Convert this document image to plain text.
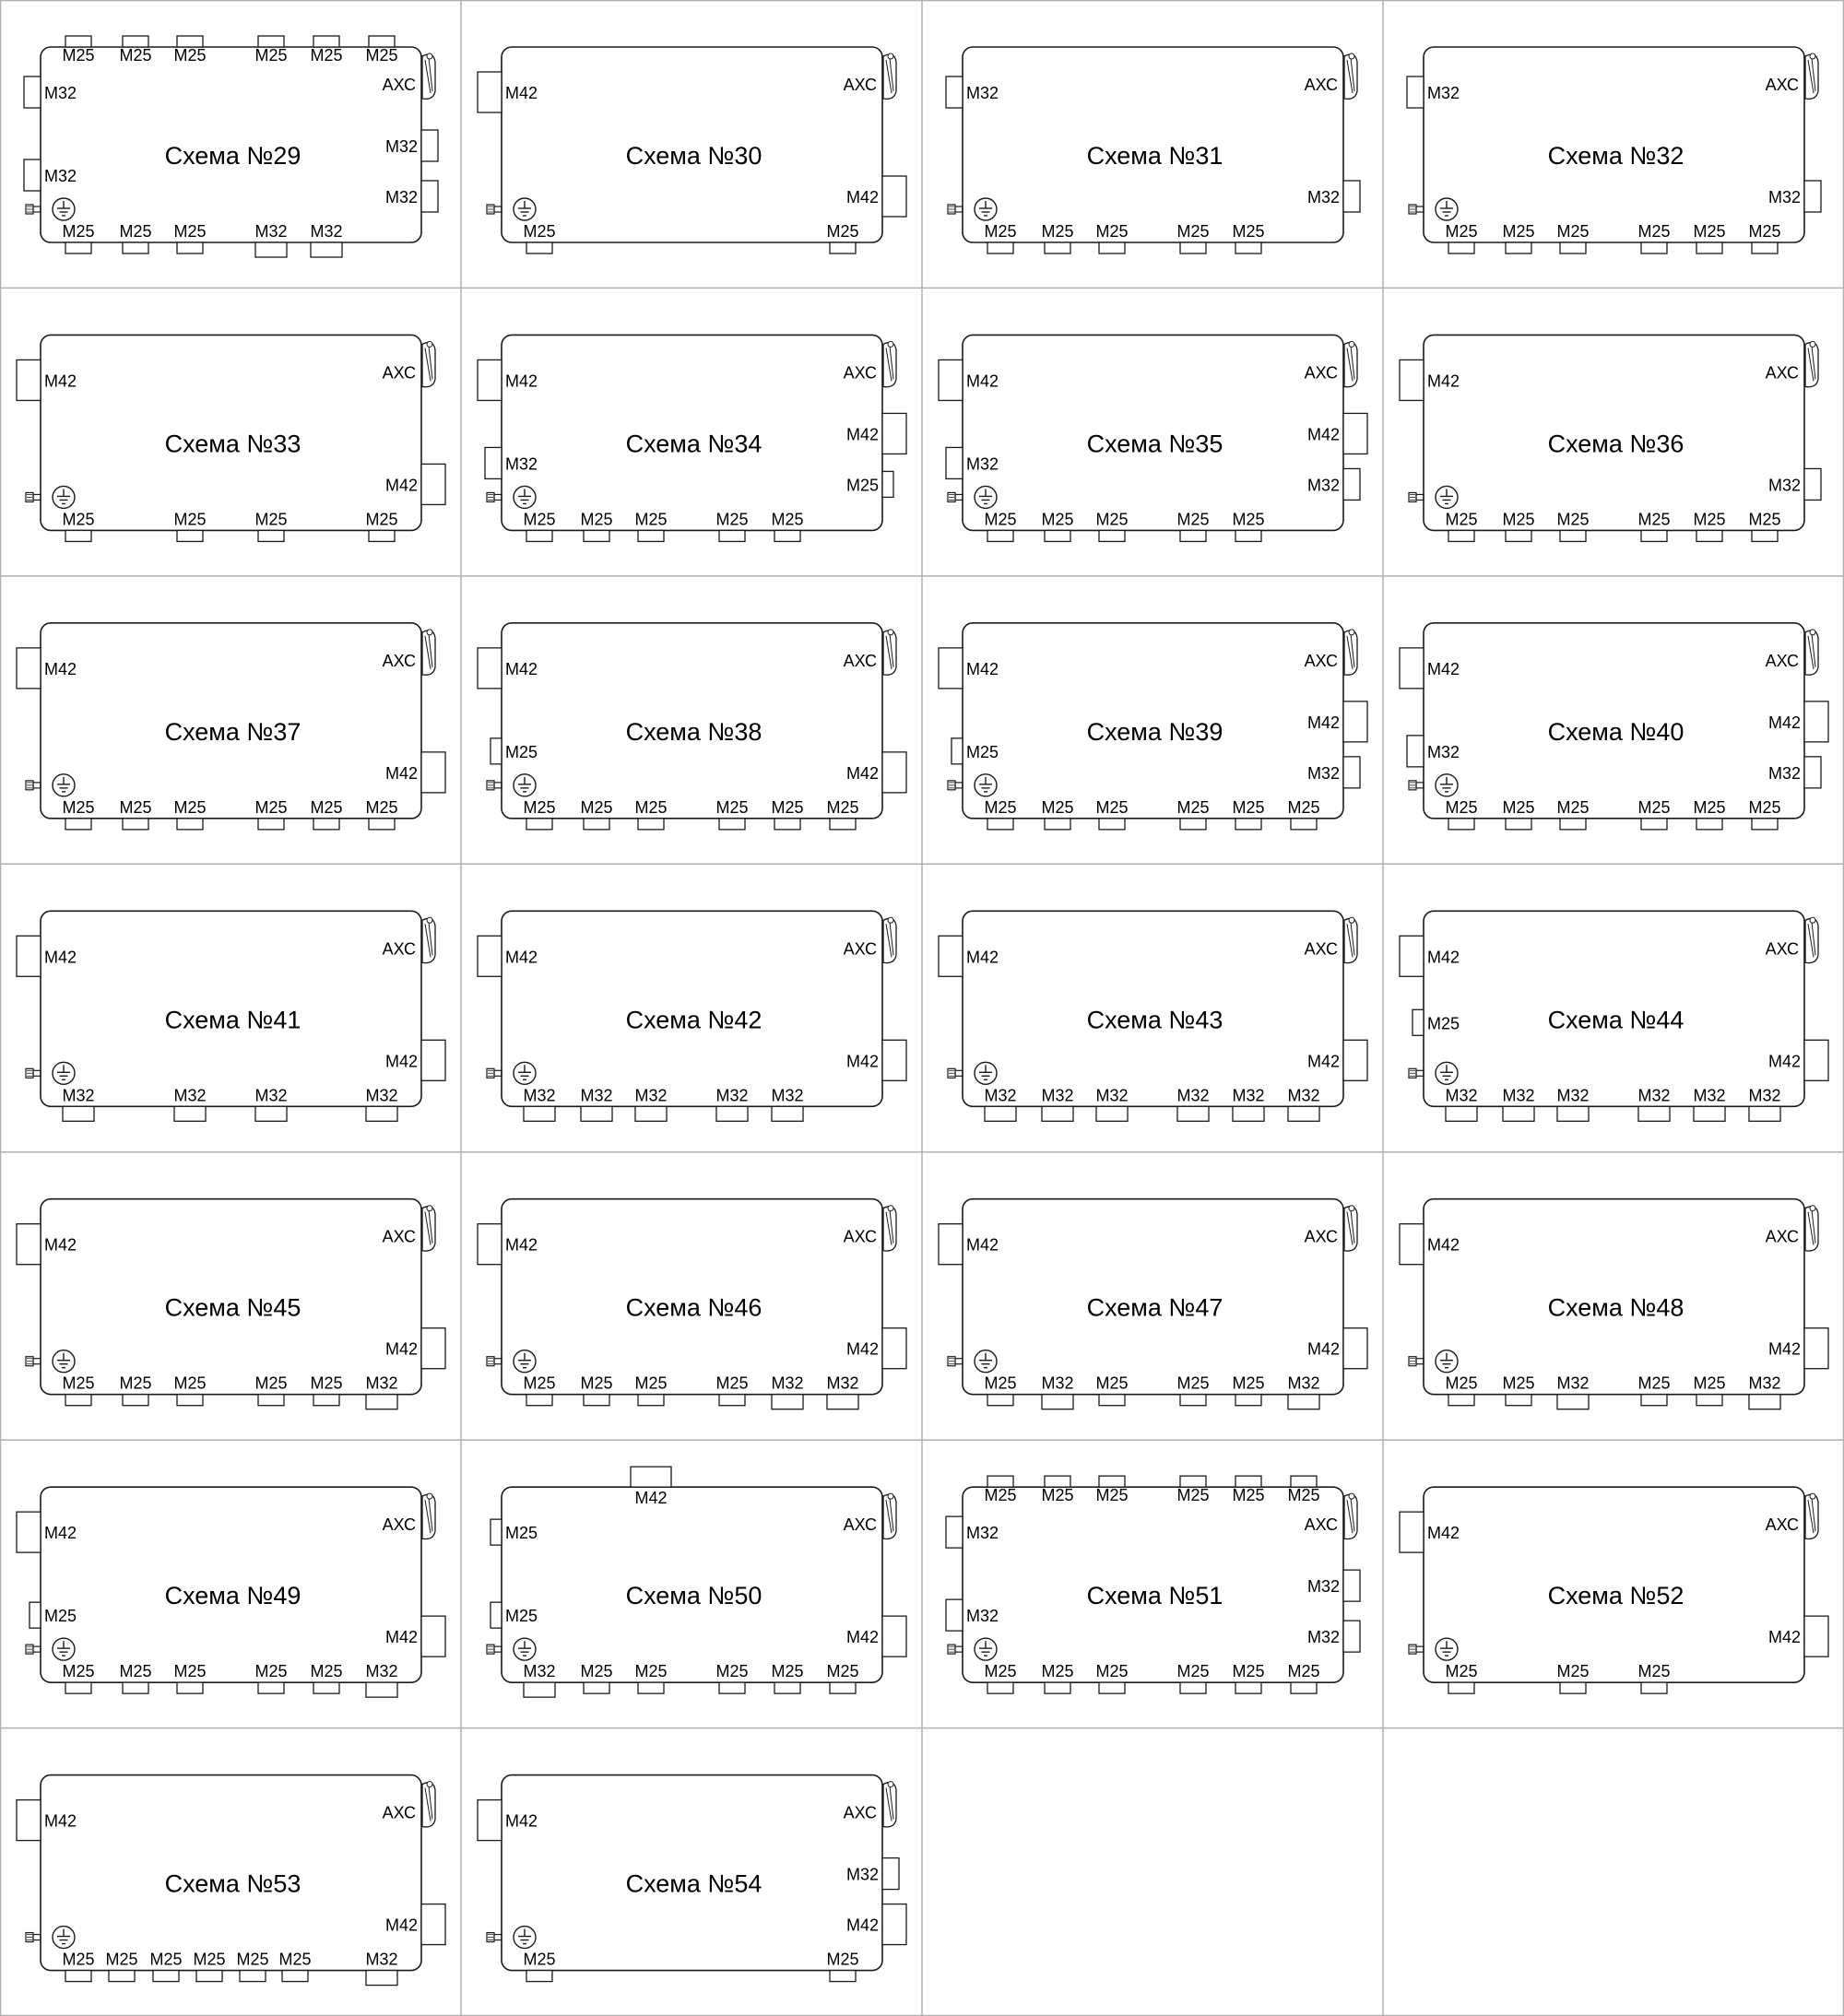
Схема №29
M25 M25 M25	M32 M32
M25 M25 M25	M25 M25 M25
M32
M32
АХС
M32
M32
Схема №30
M25	M25
M42	АХС
M42
Схема №31
M25 M25 M25	M25 M25
M32	АХС
M32
Схема №32
M25 M25 M25	M25 M25 M25
M32	АХС
M32
Схема №33
M25	M25	M25	M25
M42	АХС
M42
Схема №34
M25 M25 M25	M25 M25
M42
M32
АХС
M42
M25
Схема №35
M25 M25 M25	M25 M25
M42
M32
АХС
M42
M32
Схема №36
M25 M25 M25	M25 M25 M25
M42	АХС
M32
Схема №37
M25 M25 M25	M25 M25 M25
M42	АХС
M42
Схема №38
M25 M25 M25	M25 M25 M25
M42
M25
АХС
M42
Схема №39
M25 M25 M25	M25 M25 M25
M42
M25
АХС
M42
M32
Схема №40
M25 M25 M25	M25 M25 M25
M42
M32
АХС
M42
M32
Схема №41
M32	M32	M32	M32
M42	АХС
M42
Схема №42
M32 M32 M32	M32 M32
M42	АХС
M42
Схема №43
M32 M32 M32	M32 M32 M32
M42	АХС
M42
Схема №44
M32 M32 M32	M32 M32 M32
M42
M25
АХС
M42
Схема №45
M25 M25 M25	M25 M25 M32
M42	АХС
M42
Схема №46
M25 M25 M25	M25 M32 M32
M42	АХС
M42
Схема №47
M25 M32 M25	M25 M25 M32
M42	АХС
M42
Схема №48
M25 M25 M32	M25 M25 M32
M42	АХС
M42
Схема №49
M25 M25 M25	M25 M25 M32
M42
M25
АХС
M42
Схема №50
M32 M25 M25	M25 M25 M25
M42
M25
M25
АХС
M42
Схема №51
M25 M25 M25	M25 M25 M25
M25 M25 M25	M25 M25 M25
M32
M32
АХС
M32
M32
Схема №52
M25	M25	M25
M42	АХС
M42
Схема №53
M25 M25 M25 M25 M25 M25	M32
M42	АХС
M42
Схема №54
M25	M25
M42	АХС
M32
M42
